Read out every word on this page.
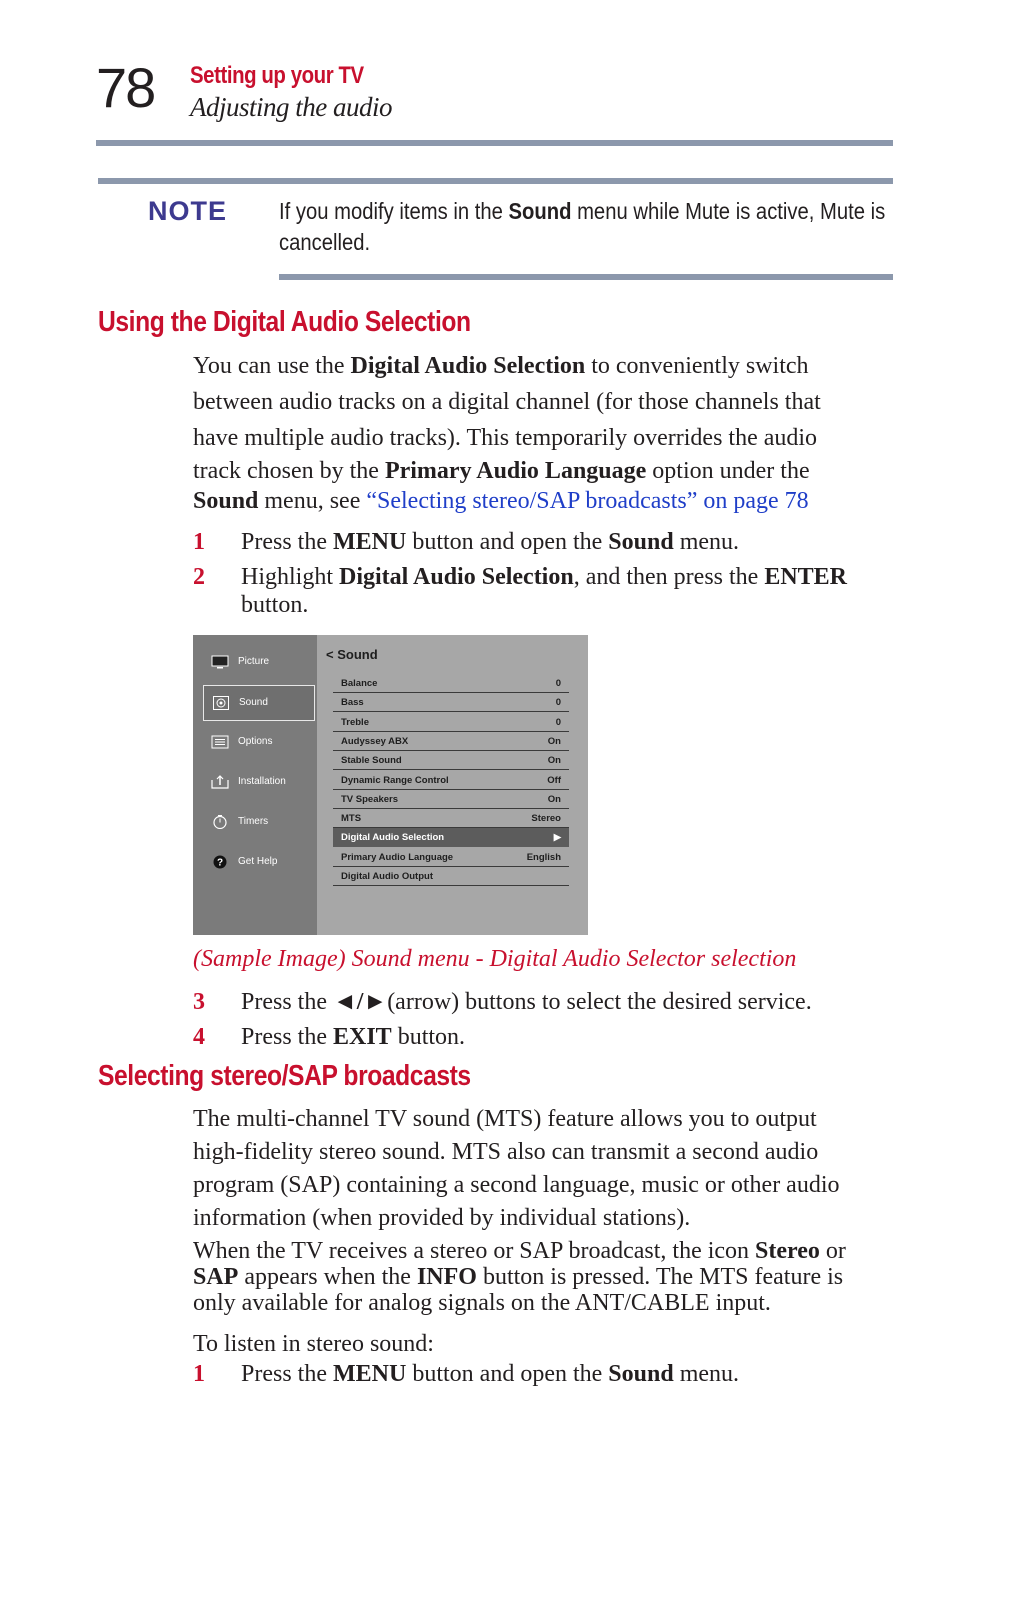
78 Setting up your TV
Adjusting the audio
NOTE If you modify items in the Sound menu while Mute is active, Mute is
cancelled.
Using the Digital Audio Selection
You can use the Digital Audio Selection to conveniently switch
between audio tracks on a digital channel (for those channels that
have multiple audio tracks). This temporarily overrides the audio
track chosen by the Primary Audio Language option under the
Sound menu, see “Selecting stereo/SAP broadcasts” on page 78
1 Press the MENU button and open the Sound menu.
2 Highlight Digital Audio Selection, and then press the ENTER
button.
Picture
Sound
Options
Installation
Timers
? Get Help
< Sound
Balance	0
Bass	0
Treble	0
Audyssey ABX	On
Stable Sound	On
Dynamic Range Control	Off
TV Speakers	On
MTS	Stereo
Digital Audio Selection	▶
Primary Audio Language	English
Digital Audio Output
(Sample Image) Sound menu - Digital Audio Selector selection
3 Press the ◄/►(arrow) buttons to select the desired service.
4 Press the EXIT button.
Selecting stereo/SAP broadcasts
The multi-channel TV sound (MTS) feature allows you to output
high-fidelity stereo sound. MTS also can transmit a second audio
program (SAP) containing a second language, music or other audio
information (when provided by individual stations).
When the TV receives a stereo or SAP broadcast, the icon Stereo or
SAP appears when the INFO button is pressed. The MTS feature is
only available for analog signals on the ANT/CABLE input.
To listen in stereo sound:
1 Press the MENU button and open the Sound menu.
